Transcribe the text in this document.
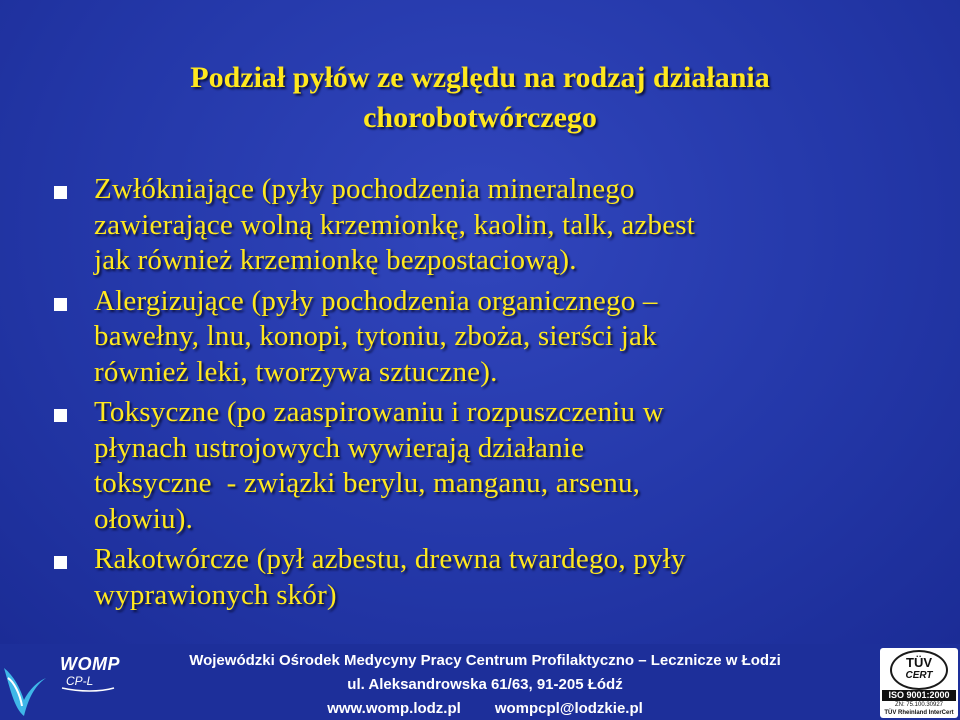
Podział pyłów ze względu na rodzaj działania
chorobotwórczego
Zwłókniające (pyły pochodzenia mineralnego
zawierające wolną krzemionkę, kaolin, talk, azbest
jak również krzemionkę bezpostaciową).
Alergizujące (pyły pochodzenia organicznego –
bawełny, lnu, konopi, tytoniu, zboża, sierści jak
również leki, tworzywa sztuczne).
Toksyczne (po zaaspirowaniu i rozpuszczeniu w
płynach ustrojowych wywierają działanie
toksyczne  - związki berylu, manganu, arsenu,
ołowiu).
Rakotwórcze (pył azbestu, drewna twardego, pyły
wyprawionych skór)
WOMP
CP-L
Wojewódzki Ośrodek Medycyny Pracy Centrum Profilaktyczno – Lecznicze w Łodzi
ul. Aleksandrowska 61/63, 91-205 Łódź
www.womp.lodz.pl wompcpl@lodzkie.pl
TÜV
CERT
ISO 9001:2000
ZN: 75.100.30927
TÜV Rheinland InterCert
